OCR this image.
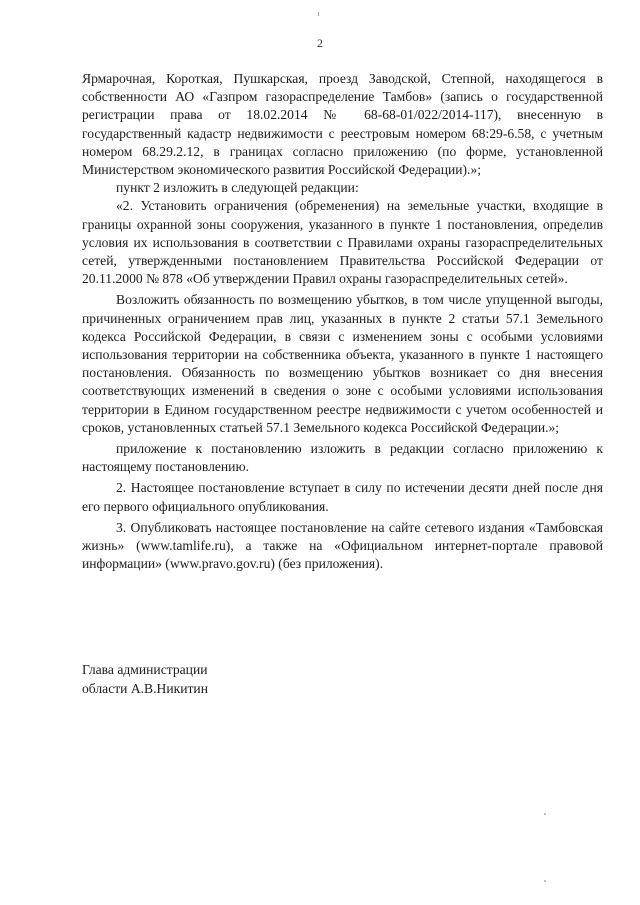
2

Ярмарочная, Короткая, Пушкарская, проезд Заводской, Степной, находящегося в собственности АО «Газпром газораспределение Тамбов» (запись о государственной регистрации права от 18.02.2014 № 68-68-01/022/2014-117), внесенную в государственный кадастр недвижимости с реестровым номером 68:29-6.58, с учетным номером 68.29.2.12, в границах согласно приложению (по форме, установленной Министерством экономического развития Российской Федерации).»;

пункт 2 изложить в следующей редакции:

«2. Установить ограничения (обременения) на земельные участки, входящие в границы охранной зоны сооружения, указанного в пункте 1 постановления, определив условия их использования в соответствии с Правилами охраны газораспределительных сетей, утвержденными постановлением Правительства Российской Федерации от 20.11.2000 № 878 «Об утверждении Правил охраны газораспределительных сетей».

Возложить обязанность по возмещению убытков, в том числе упущенной выгоды, причиненных ограничением прав лиц, указанных в пункте 2 статьи 57.1 Земельного кодекса Российской Федерации, в связи с изменением зоны с особыми условиями использования территории на собственника объекта, указанного в пункте 1 настоящего постановления. Обязанность по возмещению убытков возникает со дня внесения соответствующих изменений в сведения о зоне с особыми условиями использования территории в Едином государственном реестре недвижимости с учетом особенностей и сроков, установленных статьей 57.1 Земельного кодекса Российской Федерации.»;

приложение к постановлению изложить в редакции согласно приложению к настоящему постановлению.

2. Настоящее постановление вступает в силу по истечении десяти дней после дня его первого официального опубликования.

3. Опубликовать настоящее постановление на сайте сетевого издания «Тамбовская жизнь» (www.tamlife.ru), а также на «Официальном интернет-портале правовой информации» (www.pravo.gov.ru) (без приложения).

Глава администрации
области А.В.Никитин
